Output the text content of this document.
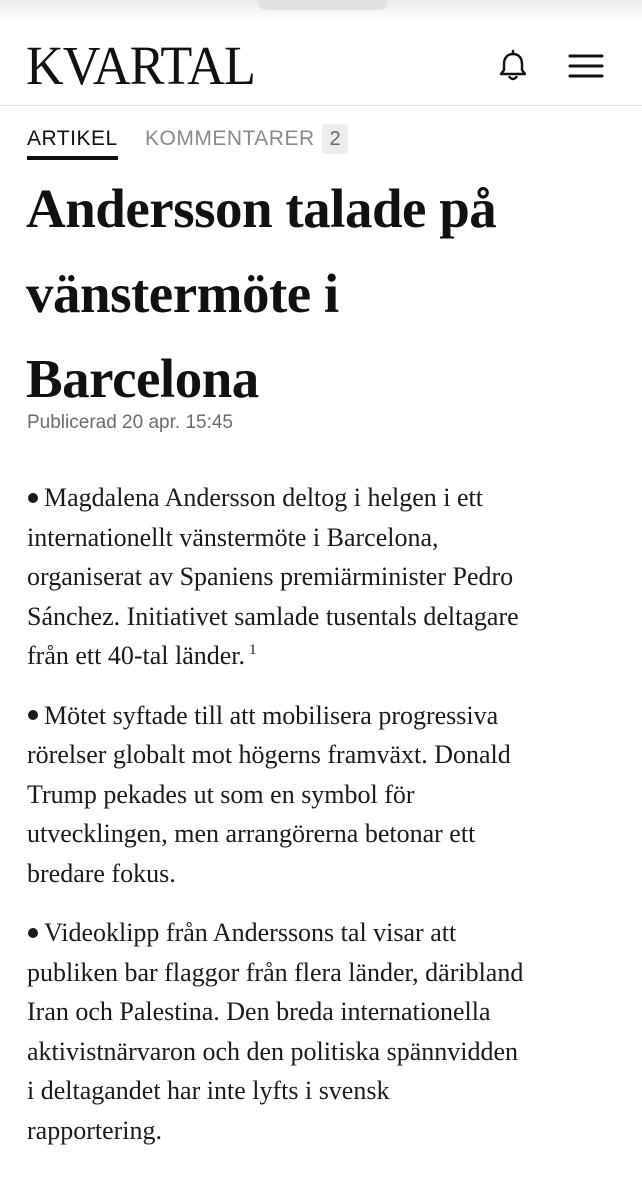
KVARTAL
ARTIKEL KOMMENTARER 2
Andersson talade på
vänstermöte i
Barcelona
Publicerad 20 apr. 15:45
Magdalena Andersson deltog i helgen i ett
internationellt vänstermöte i Barcelona,
organiserat av Spaniens premiärminister Pedro
Sánchez. Initiativet samlade tusentals deltagare
från ett 40-tal länder. $^1$
Mötet syftade till att mobilisera progressiva
rörelser globalt mot högerns framväxt. Donald
Trump pekades ut som en symbol för
utvecklingen, men arrangörerna betonar ett
bredare fokus.
Videoklipp från Anderssons tal visar att
publiken bar flaggor från flera länder, däribland
Iran och Palestina. Den breda internationella
aktivistnärvaron och den politiska spännvidden
i deltagandet har inte lyfts i svensk
rapportering.
